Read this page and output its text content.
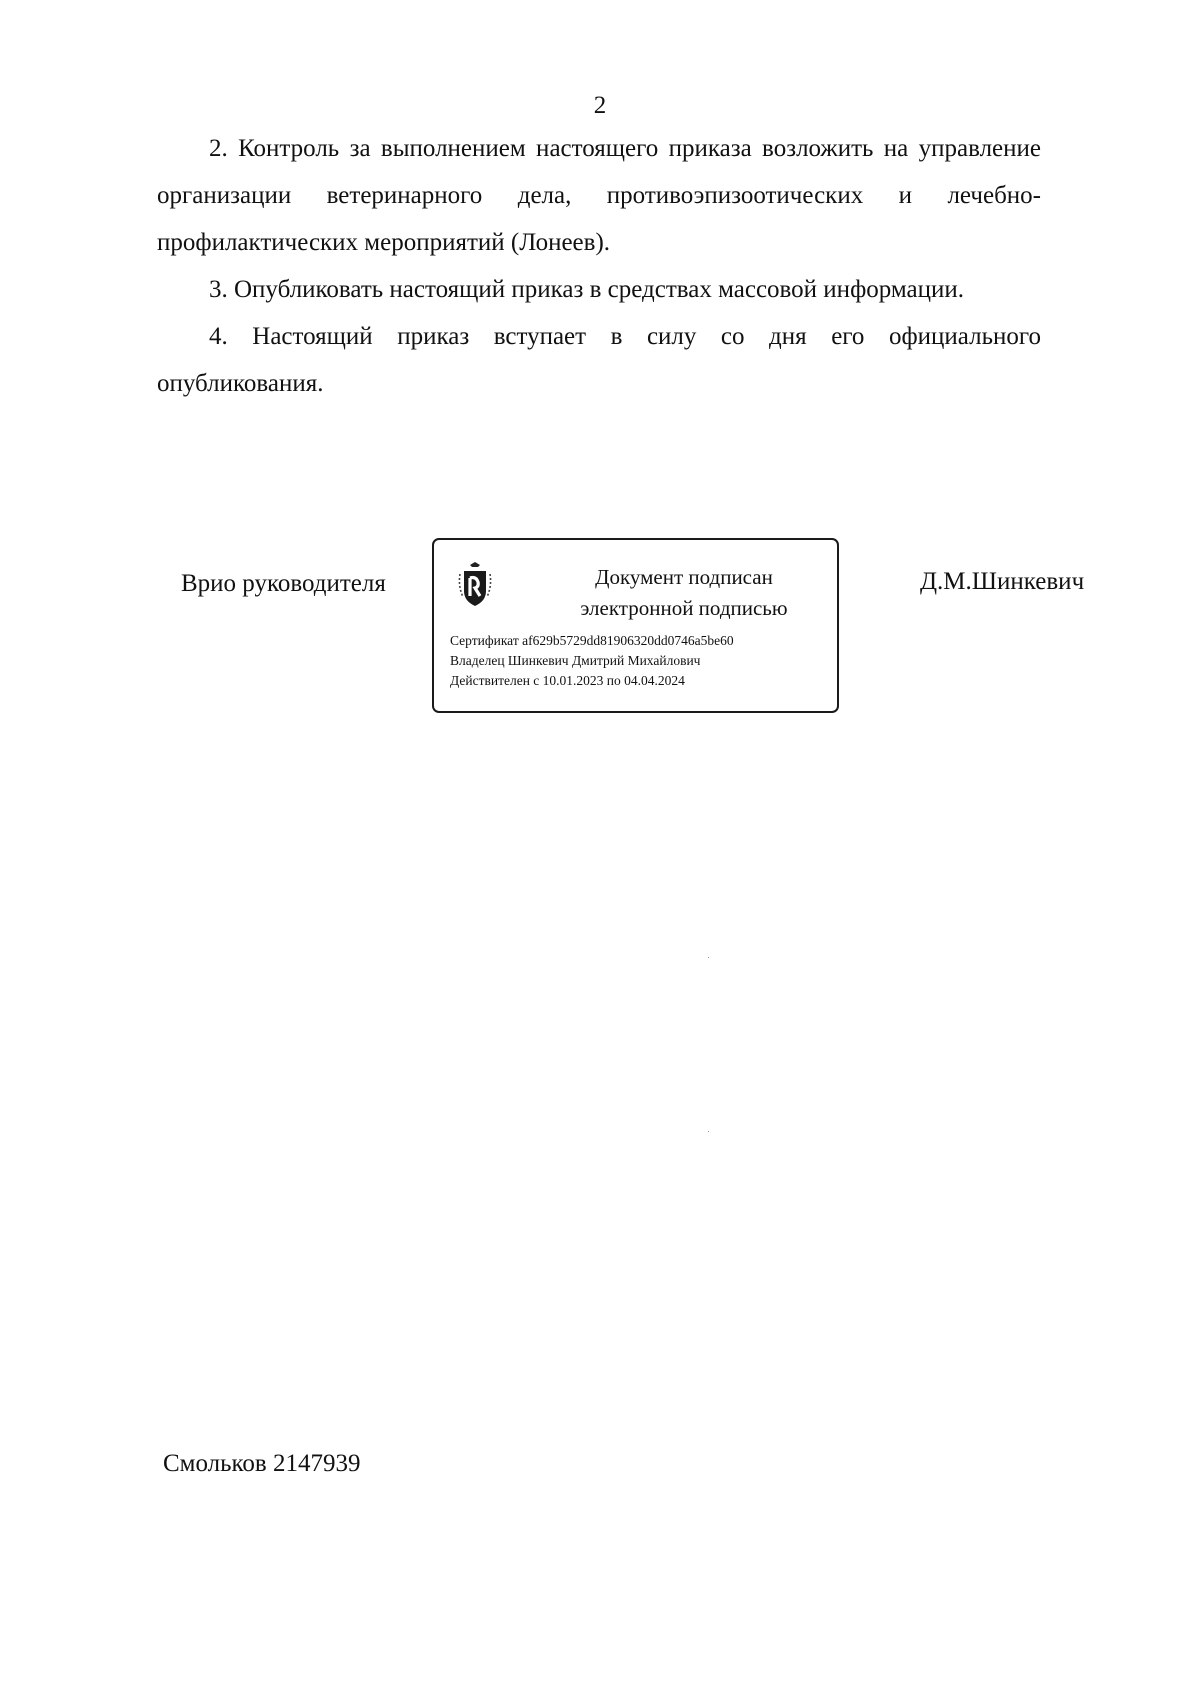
2

2. Контроль за выполнением настоящего приказа возложить на управление организации ветеринарного дела, противоэпизоотических и лечебно-профилактических мероприятий (Лонеев).

3. Опубликовать настоящий приказ в средствах массовой информации.

4. Настоящий приказ вступает в силу со дня его официального опубликования.

Врио руководителя	Документ подписан
электронной подписью
Сертификат af629b5729dd81906320dd0746a5be60
Владелец Шинкевич Дмитрий Михайлович
Действителен с 10.01.2023 по 04.04.2024
Д.М.Шинкевич
Смольков 2147939
